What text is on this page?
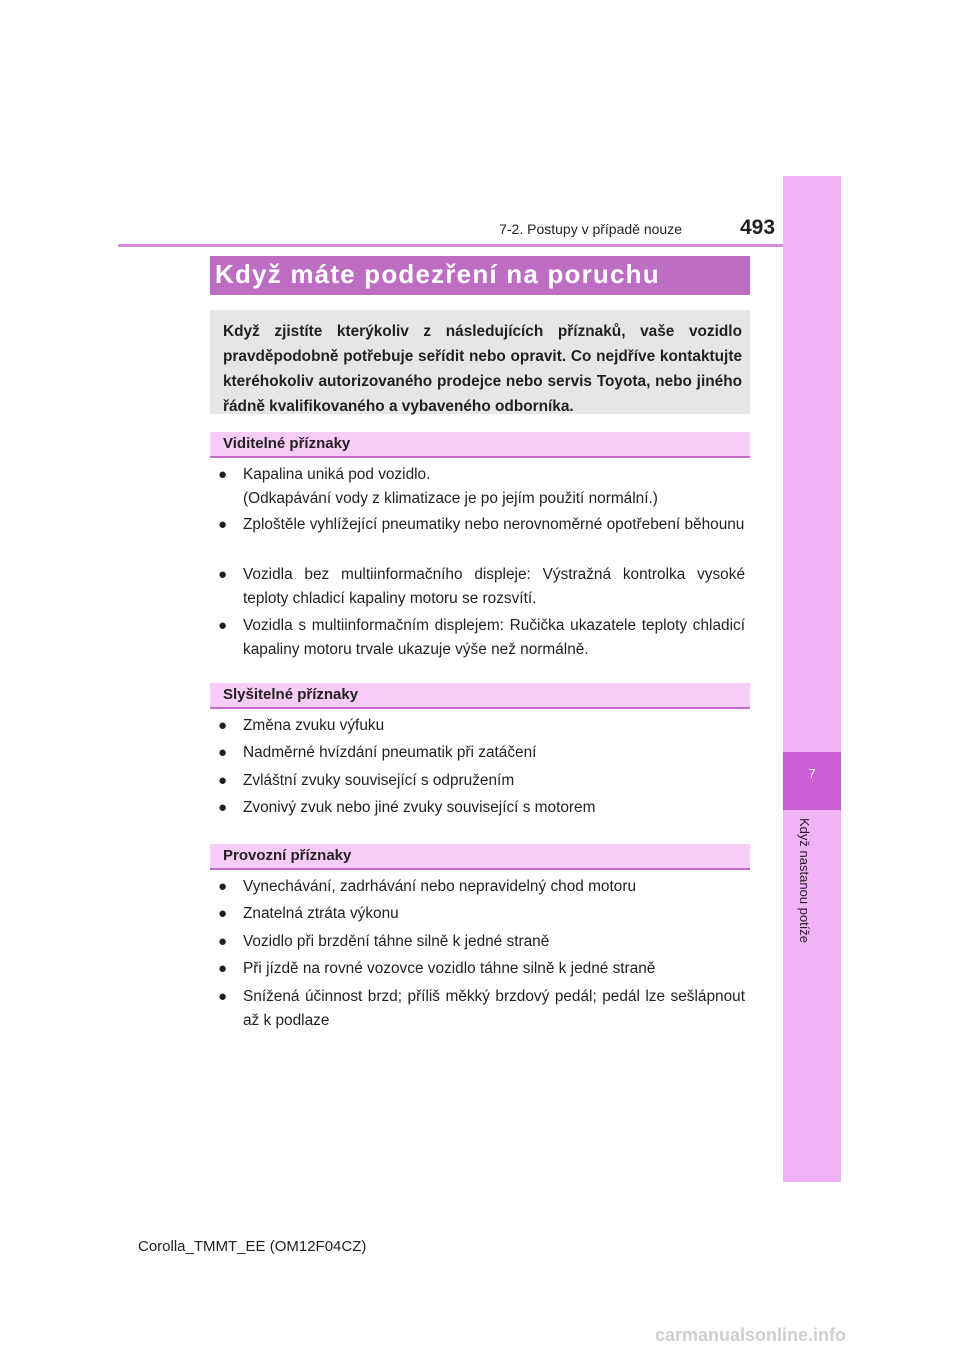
7
Když nastanou potíže
7-2. Postupy v případě nouze	493
Když máte podezření na poruchu
Když zjistíte kterýkoliv z následujících příznaků, vaše vozidlo pravděpodobně potřebuje seřídit nebo opravit. Co nejdříve kontaktujte kteréhokoliv autorizovaného prodejce nebo servis Toyota, nebo jiného řádně kvalifikovaného a vybaveného odborníka.
Viditelné příznaky
● Kapalina uniká pod vozidlo.
(Odkapávání vody z klimatizace je po jejím použití normální.)
● Zploštěle vyhlížející pneumatiky nebo nerovnoměrné opotřebení běhounu
● Vozidla bez multiinformačního displeje: Výstražná kontrolka vysoké teploty chladicí kapaliny motoru se rozsvítí.
● Vozidla s multiinformačním displejem: Ručička ukazatele teploty chladicí kapaliny motoru trvale ukazuje výše než normálně.
Slyšitelné příznaky
● Změna zvuku výfuku
● Nadměrné hvízdání pneumatik při zatáčení
● Zvláštní zvuky související s odpružením
● Zvonivý zvuk nebo jiné zvuky související s motorem
Provozní příznaky
● Vynechávání, zadrhávání nebo nepravidelný chod motoru
● Znatelná ztráta výkonu
● Vozidlo při brzdění táhne silně k jedné straně
● Při jízdě na rovné vozovce vozidlo táhne silně k jedné straně
● Snížená účinnost brzd; příliš měkký brzdový pedál; pedál lze sešlápnout až k podlaze
Corolla_TMMT_EE (OM12F04CZ)
carmanualsonline.info
